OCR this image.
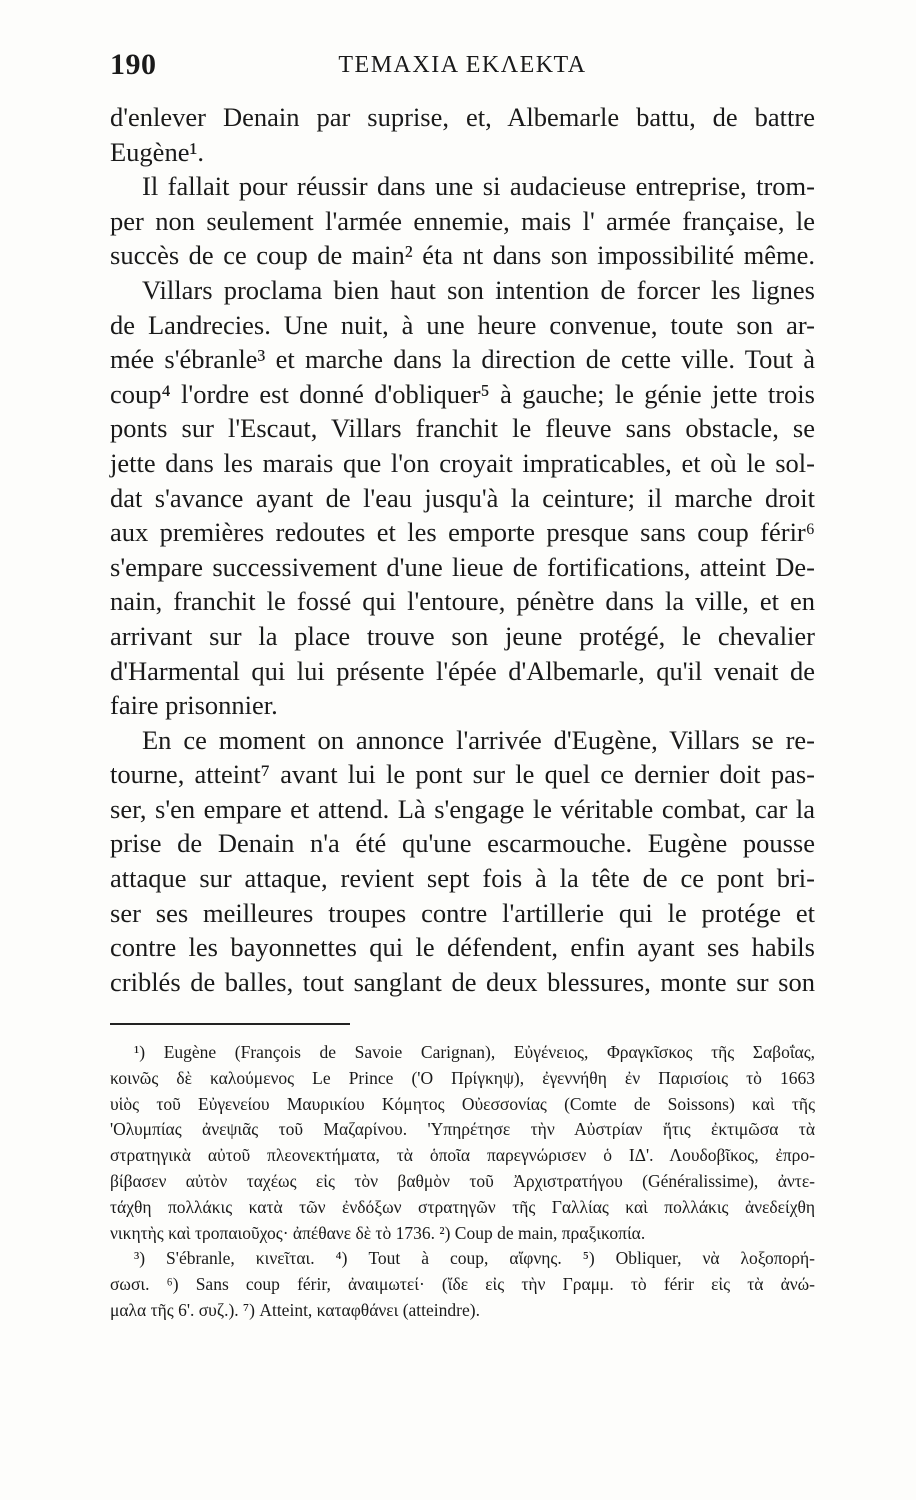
190	ΤΕΜΑΧΙΑ ΕΚΛΕΚΤΑ
d'enlever Denain par suprise, et, Albemarle battu, de battre
Eugène¹.
Il fallait pour réussir dans une si audacieuse entreprise, trom-
per non seulement l'armée ennemie, mais l' armée française, le
succès de ce coup de main² éta nt dans son impossibilité même.
Villars proclama bien haut son intention de forcer les lignes
de Landrecies. Une nuit, à une heure convenue, toute son ar-
mée s'ébranle³ et marche dans la direction de cette ville. Tout à
coup⁴ l'ordre est donné d'obliquer⁵ à gauche; le génie jette trois
ponts sur l'Escaut, Villars franchit le fleuve sans obstacle, se
jette dans les marais que l'on croyait impraticables, et où le sol-
dat s'avance ayant de l'eau jusqu'à la ceinture; il marche droit
aux premières redoutes et les emporte presque sans coup férir⁶
s'empare successivement d'une lieue de fortifications, atteint De-
nain, franchit le fossé qui l'entoure, pénètre dans la ville, et en
arrivant sur la place trouve son jeune protégé, le chevalier
d'Harmental qui lui présente l'épée d'Albemarle, qu'il venait de
faire prisonnier.
En ce moment on annonce l'arrivée d'Eugène, Villars se re-
tourne, atteint⁷ avant lui le pont sur le quel ce dernier doit pas-
ser, s'en empare et attend. Là s'engage le véritable combat, car la
prise de Denain n'a été qu'une escarmouche. Eugène pousse
attaque sur attaque, revient sept fois à la tête de ce pont bri-
ser ses meilleures troupes contre l'artillerie qui le protége et
contre les bayonnettes qui le défendent, enfin ayant ses habils
criblés de balles, tout sanglant de deux blessures, monte sur son
¹) Eugène (François de Savoie Carignan), Εὐγένειος, Φραγκῖσκος τῆς Σαβοΐας,
κοινῶς δὲ καλούμενος Le Prince ('Ο Πρίγκηψ), ἐγεννήθη ἐν Παρισίοις τὸ 1663
υἱὸς τοῦ Εὐγενείου Μαυρικίου Κόμητος Οὐεσσονίας (Comte de Soissons) καὶ τῆς
'Ολυμπίας ἀνεψιᾶς τοῦ Μαζαρίνου. 'Υπηρέτησε τὴν Αὐστρίαν ἥτις ἐκτιμῶσα τὰ
στρατηγικὰ αὐτοῦ πλεονεκτήματα, τὰ ὁποῖα παρεγνώρισεν ὁ ΙΔ'. Λουδοβῖκος, ἐπρο-
βίβασεν αὐτὸν ταχέως εἰς τὸν βαθμὸν τοῦ Ἀρχιστρατήγου (Généralissime), ἀντε-
τάχθη πολλάκις κατὰ τῶν ἐνδόξων στρατηγῶν τῆς Γαλλίας καὶ πολλάκις ἀνεδείχθη
νικητὴς καὶ τροπαιοῦχος· ἀπέθανε δὲ τὸ 1736. ²) Coup de main, πραξικοπία.
³) S'ébranle, κινεῖται. ⁴) Tout à coup, αἴφνης. ⁵) Obliquer, νὰ λοξοπορή-
σωσι. ⁶) Sans coup férir, ἀναιμωτεί· (ἴδε εἰς τὴν Γραμμ. τὸ férir εἰς τὰ ἀνώ-
μαλα τῆς 6'. συζ.). ⁷) Atteint, καταφθάνει (atteindre).
